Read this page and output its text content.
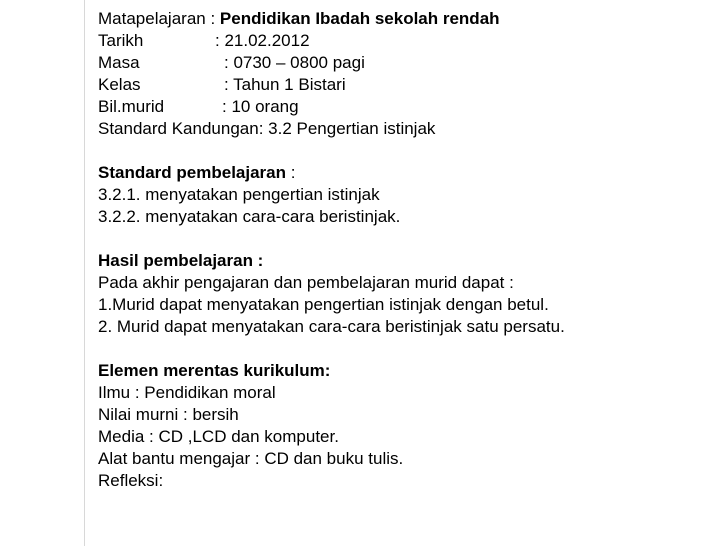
Matapelajaran : Pendidikan Ibadah sekolah rendah
Tarikh	: 21.02.2012
Masa	: 0730 – 0800 pagi
Kelas	: Tahun 1 Bistari
Bil.murid	: 10 orang
Standard Kandungan: 3.2 Pengertian istinjak
Standard pembelajaran :
3.2.1. menyatakan pengertian istinjak
3.2.2. menyatakan cara-cara beristinjak.
Hasil pembelajaran :
Pada akhir pengajaran dan pembelajaran murid dapat :
1.Murid dapat menyatakan pengertian istinjak dengan betul.
2. Murid dapat menyatakan cara-cara beristinjak satu persatu.
Elemen merentas kurikulum:
Ilmu : Pendidikan moral
Nilai murni : bersih
Media : CD ,LCD dan komputer.
Alat bantu mengajar : CD dan buku tulis.
Refleksi:
